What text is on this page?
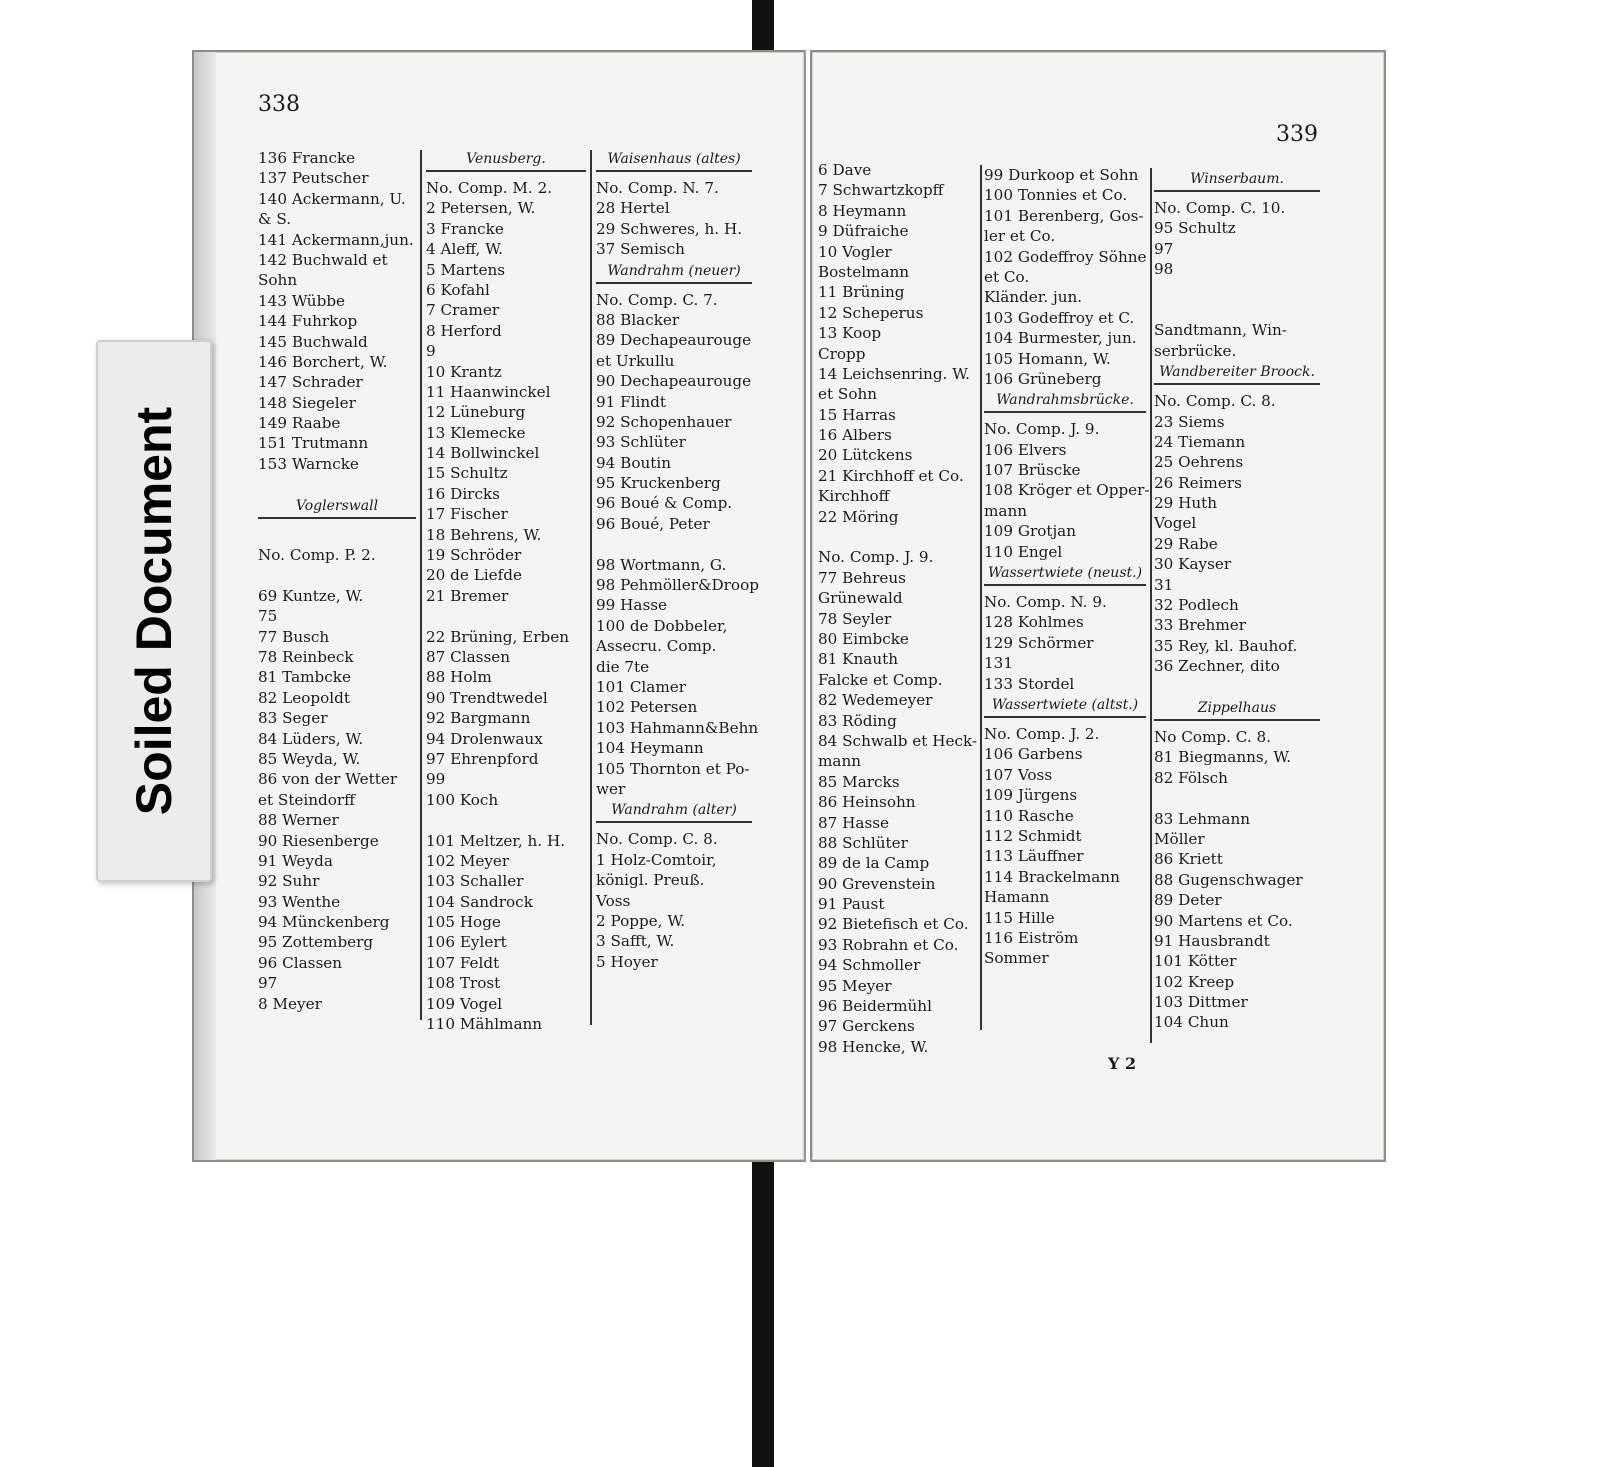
338
339
Soiled Document
136 Francke
137 Peutscher
140 Ackermann, U.
& S.
141 Ackermann,jun.
142 Buchwald et
Sohn
143 Wübbe
144 Fuhrkop
145 Buchwald
146 Borchert, W.
147 Schrader
148 Siegeler
149 Raabe
151 Trutmann
153 Warncke
Voglerswall
No. Comp. P. 2.
69 Kuntze, W.
75
77 Busch
78 Reinbeck
81 Tambcke
82 Leopoldt
83 Seger
84 Lüders, W.
85 Weyda, W.
86 von der Wetter
et Steindorff
88 Werner
90 Riesenberge
91 Weyda
92 Suhr
93 Wenthe
94 Münckenberg
95 Zottemberg
96 Classen
97
8 Meyer
Venusberg.
No. Comp. M. 2.
2 Petersen, W.
3 Francke
4 Aleff, W.
5 Martens
6 Kofahl
7 Cramer
8 Herford
9
10 Krantz
11 Haanwinckel
12 Lüneburg
13 Klemecke
14 Bollwinckel
15 Schultz
16 Dircks
17 Fischer
18 Behrens, W.
19 Schröder
20 de Liefde
21 Bremer
22 Brüning, Erben
87 Classen
88 Holm
90 Trendtwedel
92 Bargmann
94 Drolenwaux
97 Ehrenpford
99
100 Koch
101 Meltzer, h. H.
102 Meyer
103 Schaller
104 Sandrock
105 Hoge
106 Eylert
107 Feldt
108 Trost
109 Vogel
110 Mählmann
Waisenhaus (altes)
No. Comp. N. 7.
28 Hertel
29 Schweres, h. H.
37 Semisch
Wandrahm (neuer)
No. Comp. C. 7.
88 Blacker
89 Dechapeaurouge
et Urkullu
90 Dechapeaurouge
91 Flindt
92 Schopenhauer
93 Schlüter
94 Boutin
95 Kruckenberg
96 Boué & Comp.
96 Boué, Peter
98 Wortmann, G.
98 Pehmöller&Droop
99 Hasse
100 de Dobbeler,
Assecru. Comp.
die 7te
101 Clamer
102 Petersen
103 Hahmann&Behn
104 Heymann
105 Thornton et Po-
wer
Wandrahm (alter)
No. Comp. C. 8.
1 Holz-Comtoir,
königl. Preuß.
Voss
2 Poppe, W.
3 Safft, W.
5 Hoyer
6 Dave
7 Schwartzkopff
8 Heymann
9 Düfraiche
10 Vogler
Bostelmann
11 Brüning
12 Scheperus
13 Koop
Cropp
14 Leichsenring. W.
et Sohn
15 Harras
16 Albers
20 Lütckens
21 Kirchhoff et Co.
Kirchhoff
22 Möring
No. Comp. J. 9.
77 Behreus
Grünewald
78 Seyler
80 Eimbcke
81 Knauth
Falcke et Comp.
82 Wedemeyer
83 Röding
84 Schwalb et Heck-
mann
85 Marcks
86 Heinsohn
87 Hasse
88 Schlüter
89 de la Camp
90 Grevenstein
91 Paust
92 Bietefisch et Co.
93 Robrahn et Co.
94 Schmoller
95 Meyer
96 Beidermühl
97 Gerckens
98 Hencke, W.
99 Durkoop et Sohn
100 Tonnies et Co.
101 Berenberg, Gos-
ler et Co.
102 Godeffroy Söhne
et Co.
Kländer. jun.
103 Godeffroy et C.
104 Burmester, jun.
105 Homann, W.
106 Grüneberg
Wandrahmsbrücke.
No. Comp. J. 9.
106 Elvers
107 Brüscke
108 Kröger et Opper-
mann
109 Grotjan
110 Engel
Wassertwiete (neust.)
No. Comp. N. 9.
128 Kohlmes
129 Schörmer
131
133 Stordel
Wassertwiete (altst.)
No. Comp. J. 2.
106 Garbens
107 Voss
109 Jürgens
110 Rasche
112 Schmidt
113 Läuffner
114 Brackelmann
Hamann
115 Hille
116 Eiström
Sommer
Winserbaum.
No. Comp. C. 10.
95 Schultz
97
98
Sandtmann, Win-
serbrücke.
Wandbereiter Broock.
No. Comp. C. 8.
23 Siems
24 Tiemann
25 Oehrens
26 Reimers
29 Huth
Vogel
29 Rabe
30 Kayser
31
32 Podlech
33 Brehmer
35 Rey, kl. Bauhof.
36 Zechner, dito
Zippelhaus
No Comp. C. 8.
81 Biegmanns, W.
82 Fölsch
83 Lehmann
Möller
86 Kriett
88 Gugenschwager
89 Deter
90 Martens et Co.
91 Hausbrandt
101 Kötter
102 Kreep
103 Dittmer
104 Chun
Y 2
